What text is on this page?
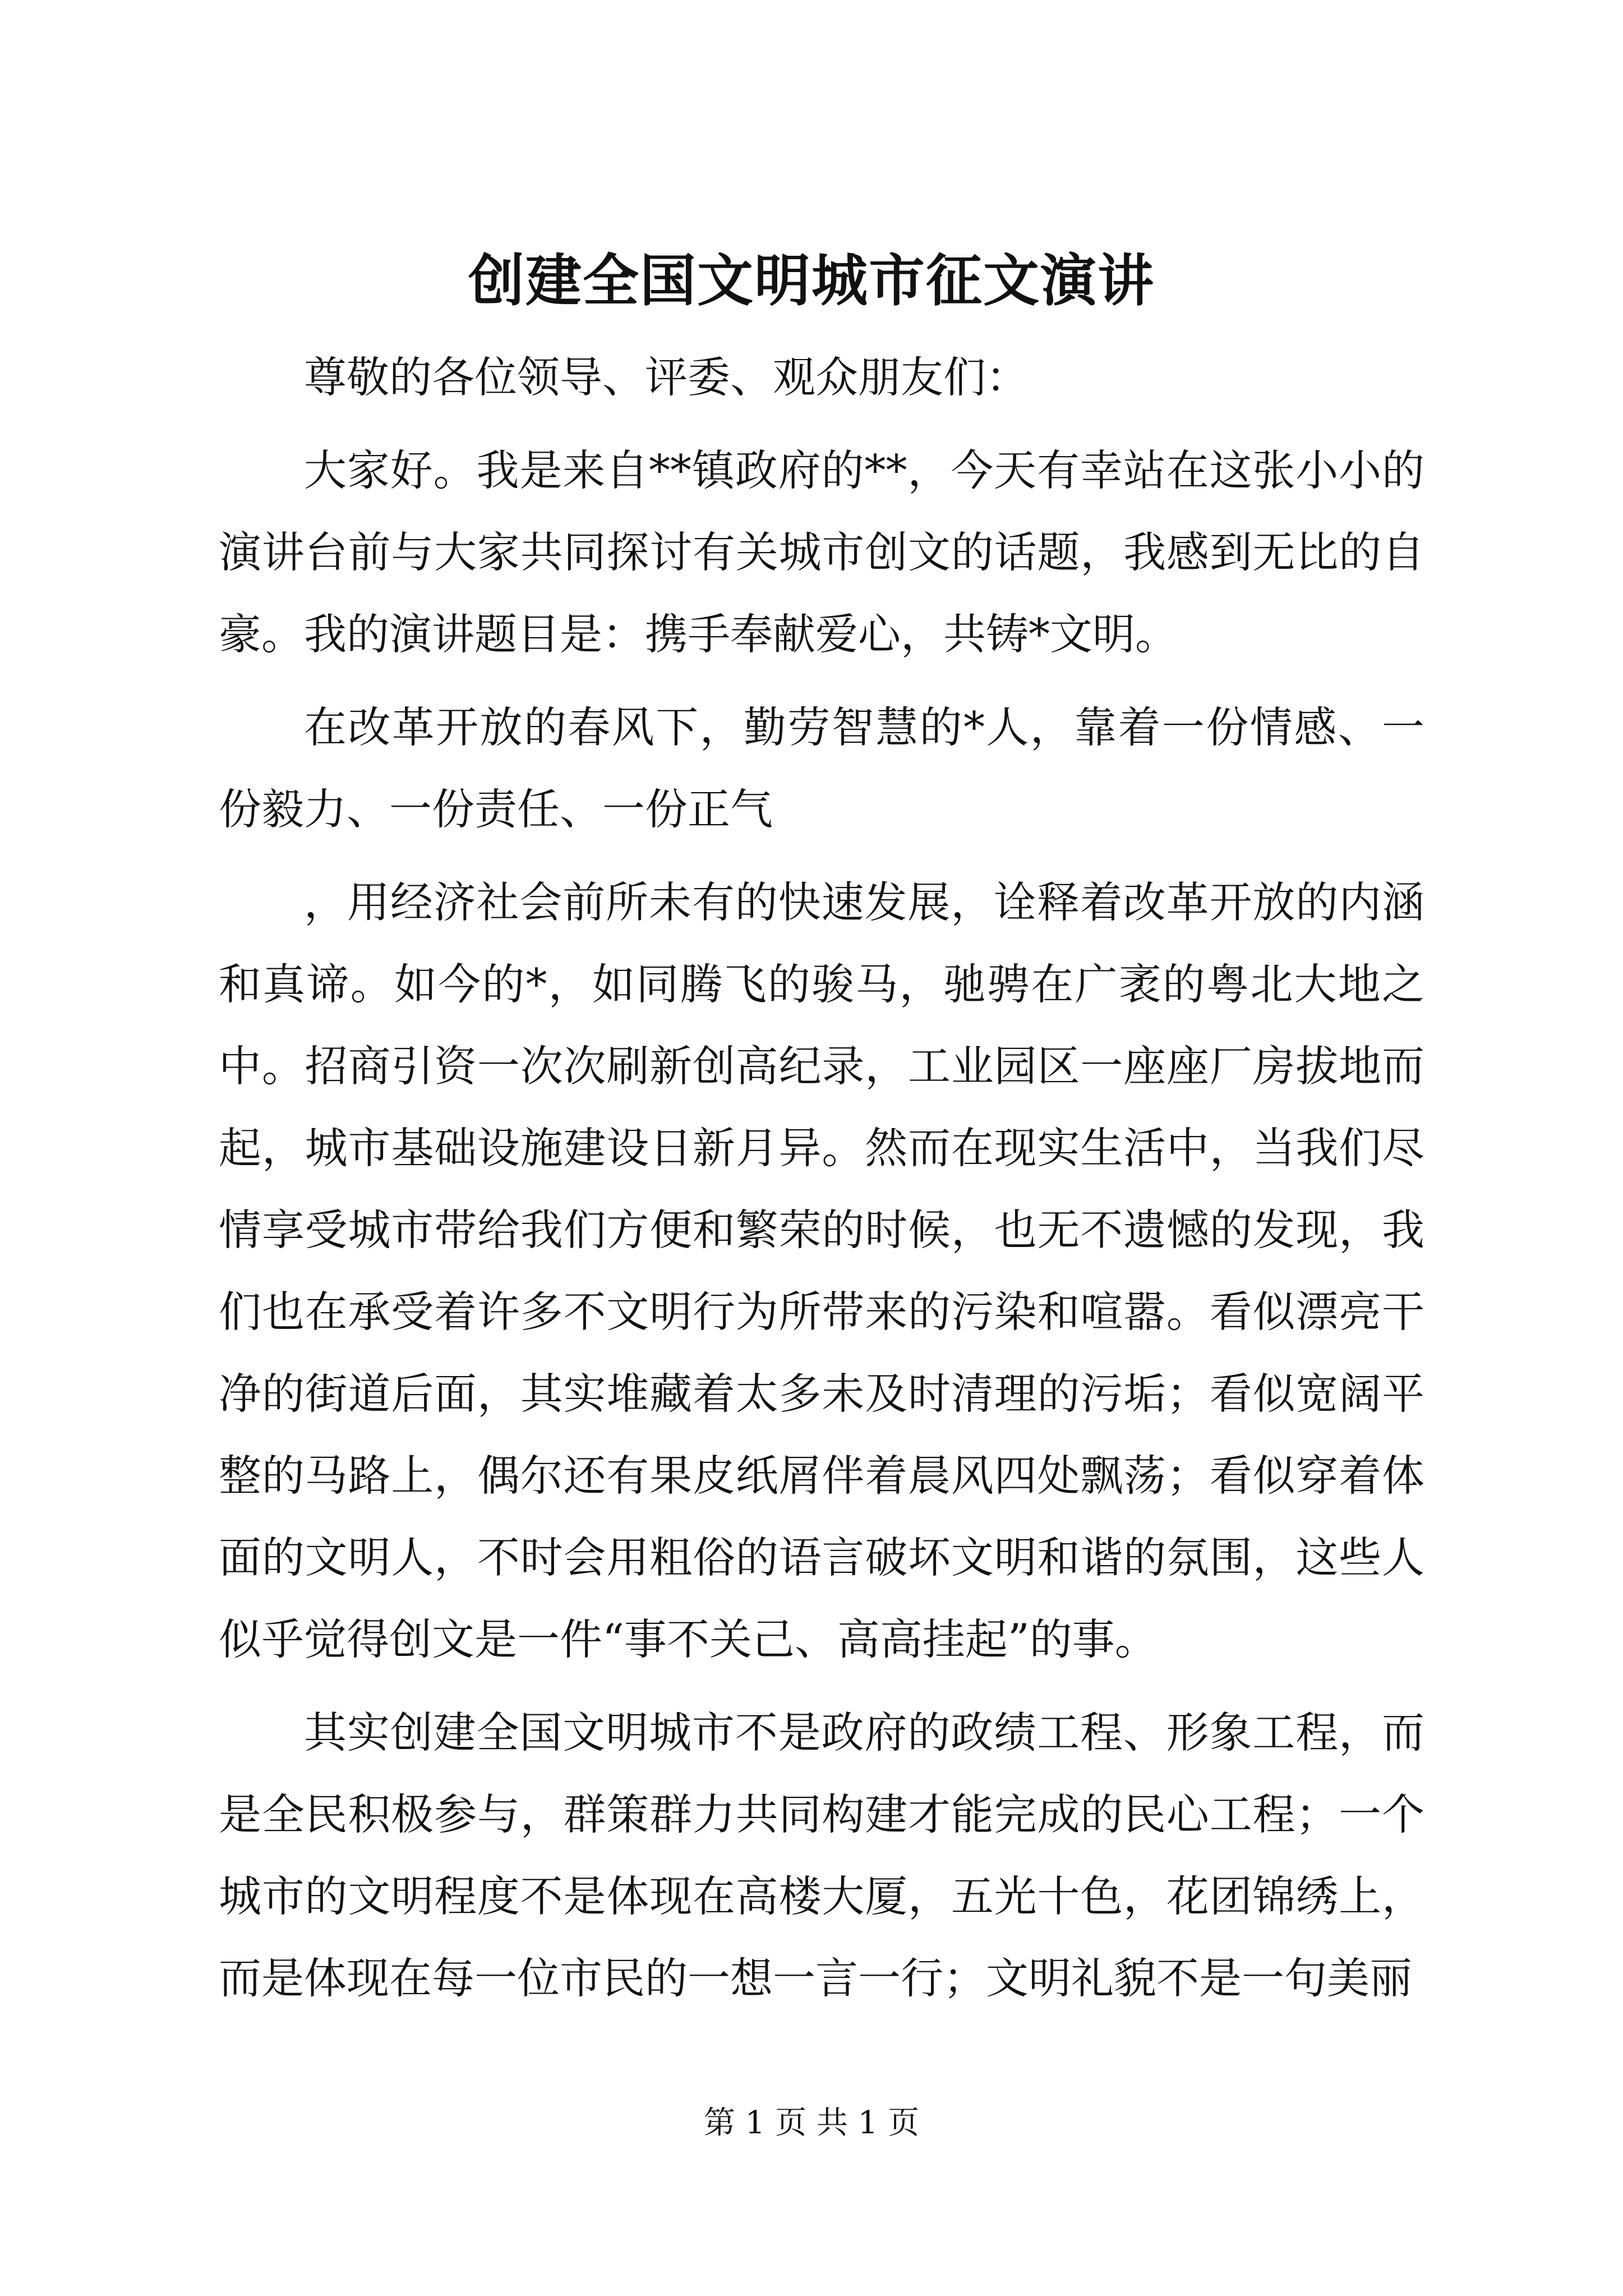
创建全国文明城市征文演讲

尊敬的各位领导、评委、观众朋友们：

大家好。我是来自**镇政府的**，今天有幸站在这张小小的演讲台前与大家共同探讨有关城市创文的话题，我感到无比的自豪。我的演讲题目是：携手奉献爱心，共铸*文明。

在改革开放的春风下，勤劳智慧的*人，靠着一份情感、一份毅力、一份责任、一份正气

，用经济社会前所未有的快速发展，诠释着改革开放的内涵和真谛。如今的*，如同腾飞的骏马，驰骋在广袤的粤北大地之中。招商引资一次次刷新创高纪录，工业园区一座座厂房拔地而起，城市基础设施建设日新月异。然而在现实生活中，当我们尽情享受城市带给我们方便和繁荣的时候，也无不遗憾的发现，我们也在承受着许多不文明行为所带来的污染和喧嚣。看似漂亮干净的街道后面，其实堆藏着太多未及时清理的污垢；看似宽阔平整的马路上，偶尔还有果皮纸屑伴着晨风四处飘荡；看似穿着体面的文明人，不时会用粗俗的语言破坏文明和谐的氛围，这些人似乎觉得创文是一件“事不关己、高高挂起”的事。

其实创建全国文明城市不是政府的政绩工程、形象工程，而是全民积极参与，群策群力共同构建才能完成的民心工程；一个城市的文明程度不是体现在高楼大厦，五光十色，花团锦绣上，而是体现在每一位市民的一想一言一行；文明礼貌不是一句美丽

第 1 页 共 1 页
